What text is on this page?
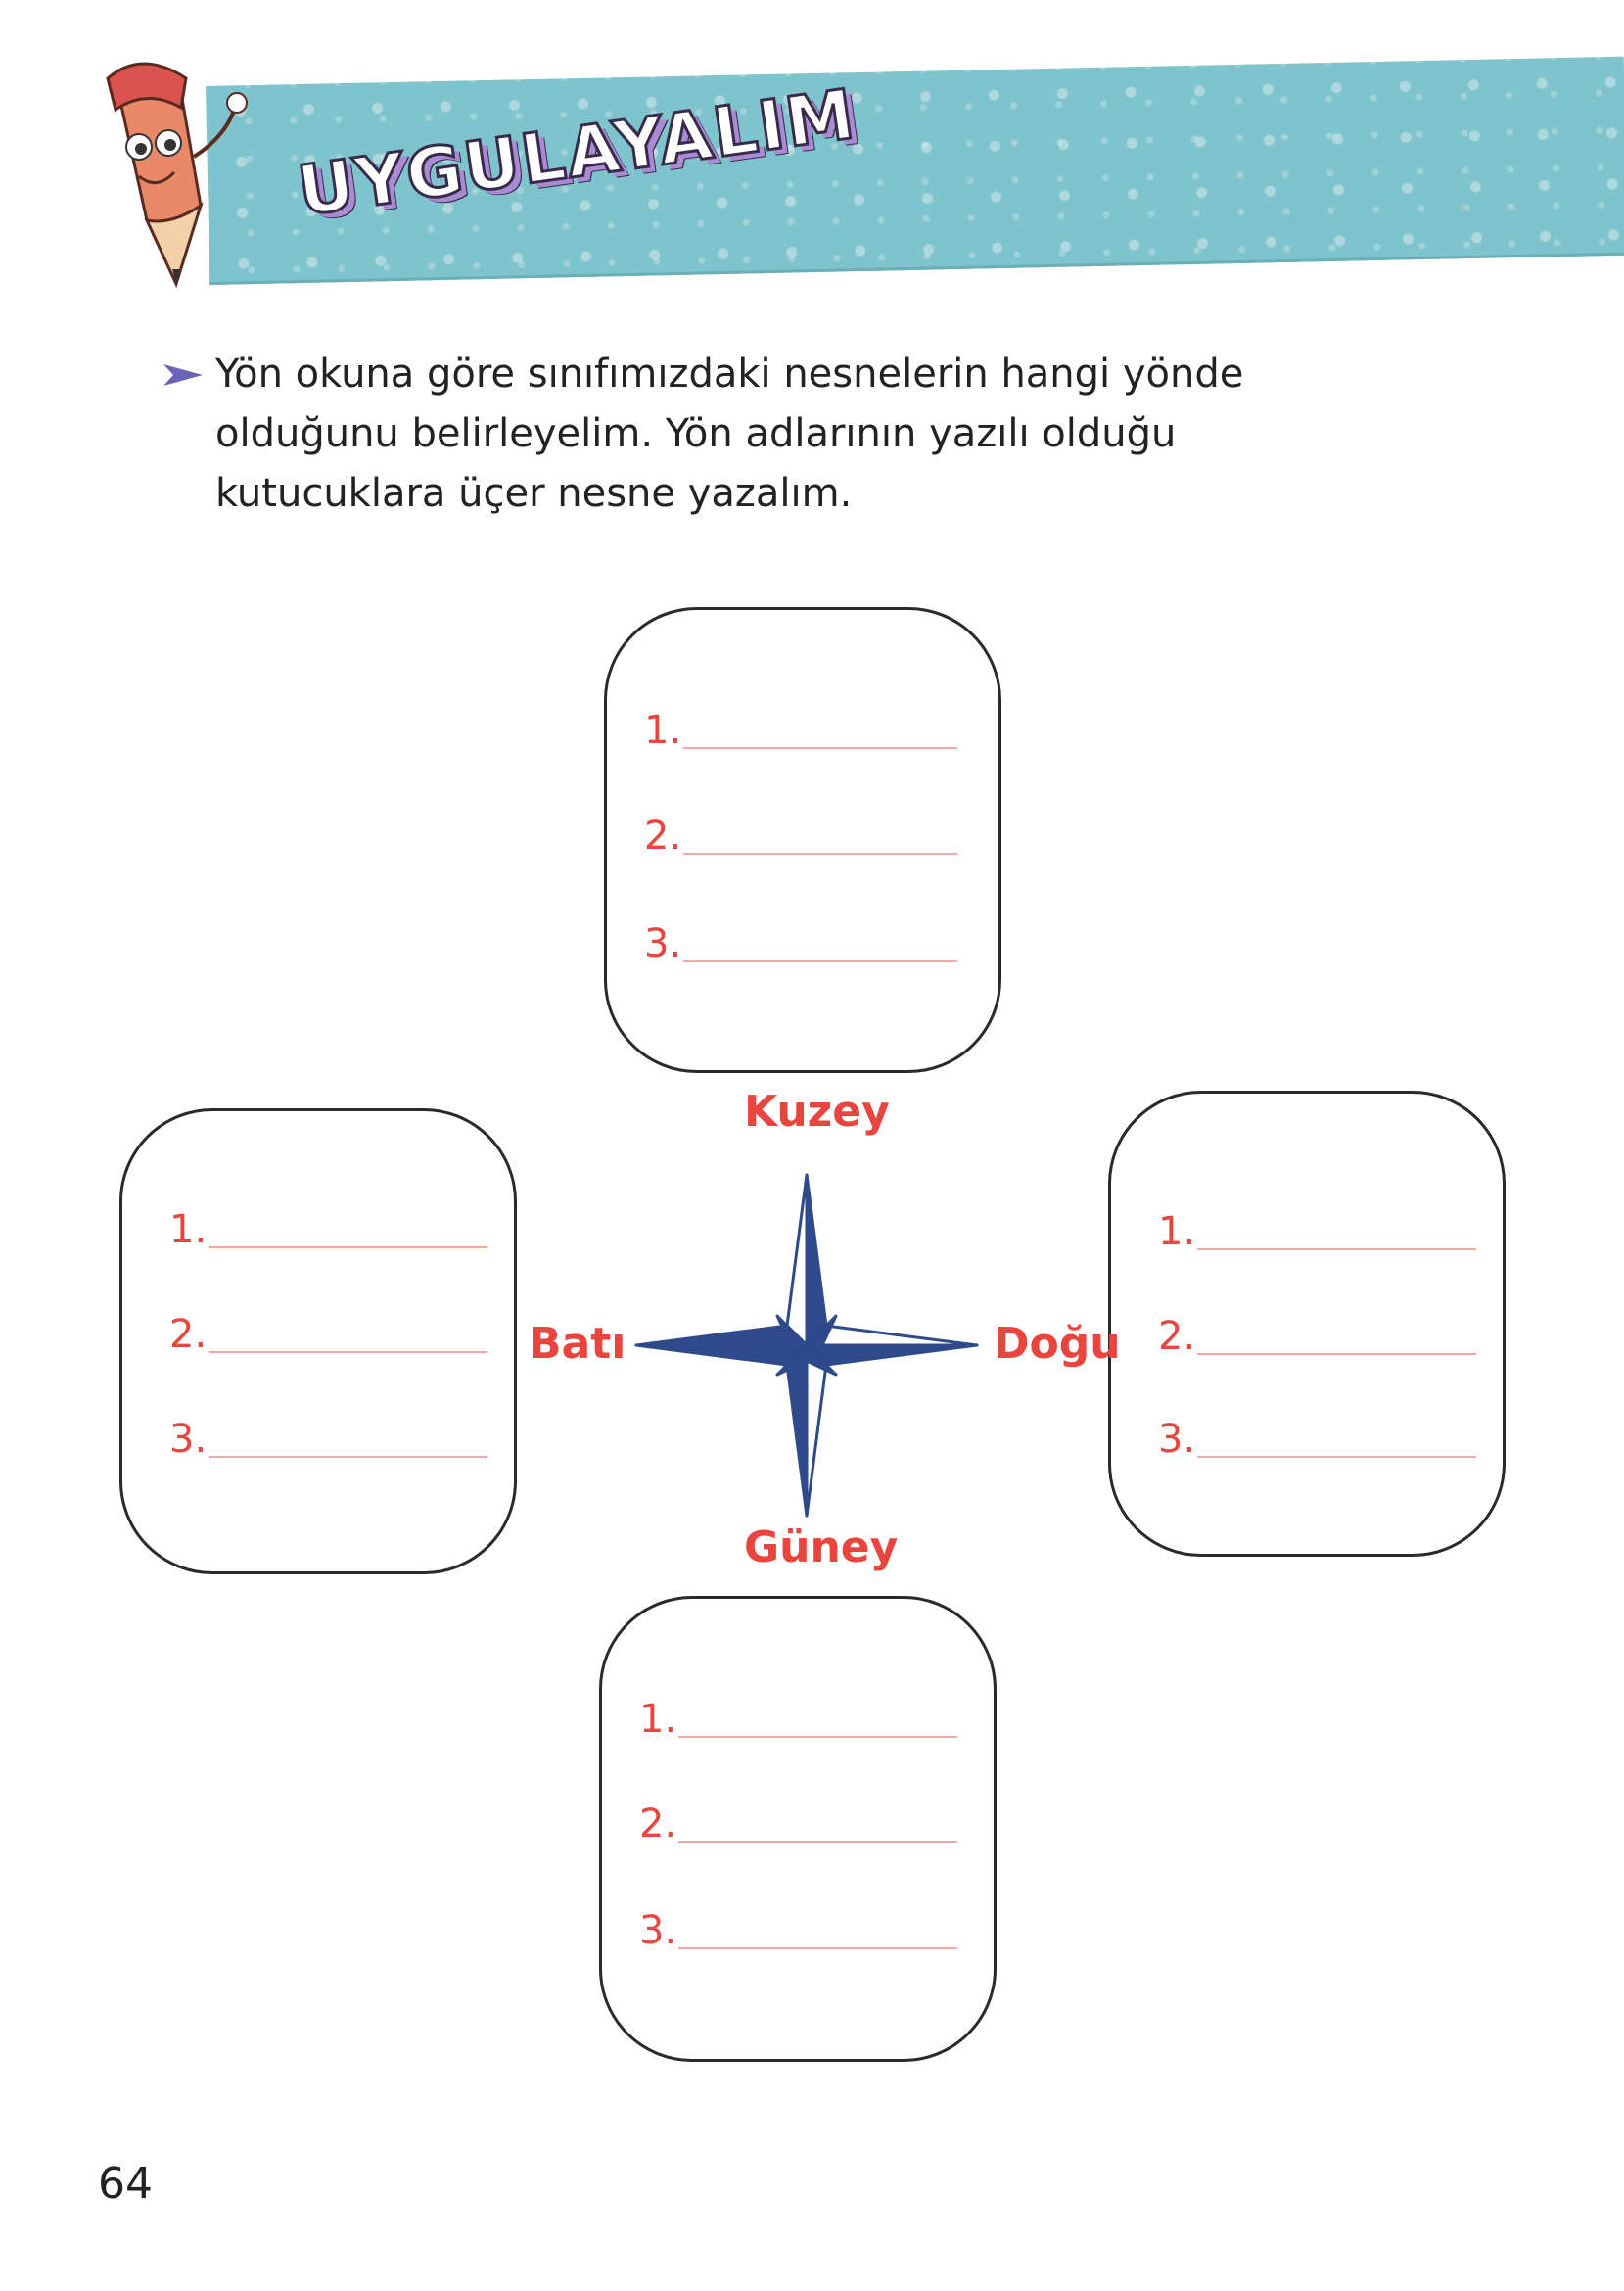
UYGULAYALIM
Yön okuna göre sınıfımızdaki nesnelerin hangi yönde
olduğunu belirleyelim. Yön adlarının yazılı olduğu
kutucuklara üçer nesne yazalım.
1.
2.
3.
1.
2.
3.
1.
2.
3.
1.
2.
3.
Kuzey
Güney
Batı	Doğu
64
